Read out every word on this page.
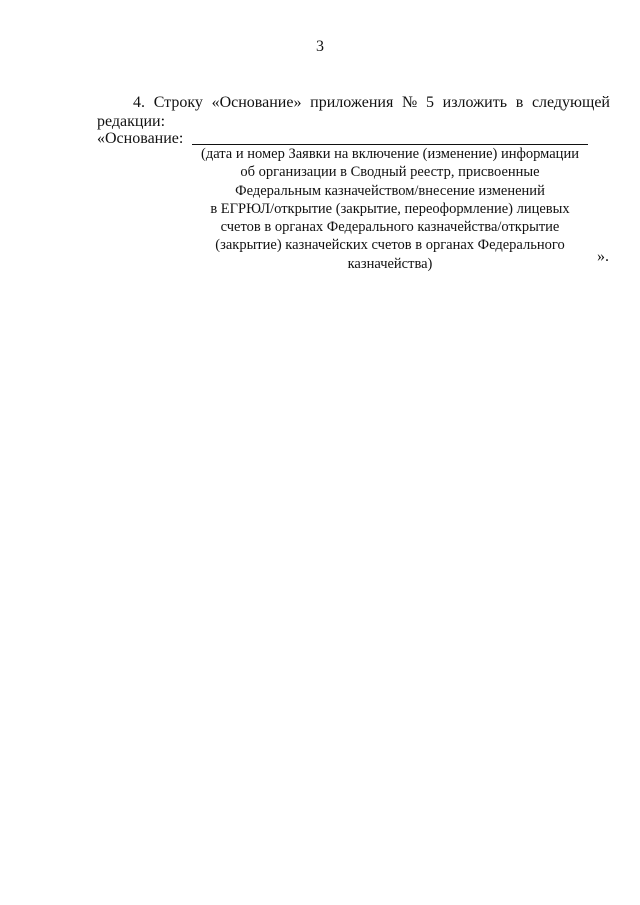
3
4. Строку «Основание» приложения № 5 изложить в следующей
редакции:
«Основание:
(дата и номер Заявки на включение (изменение) информации
об организации в Сводный реестр, присвоенные
Федеральным казначейством/внесение изменений
в ЕГРЮЛ/открытие (закрытие, переоформление) лицевых
счетов в органах Федерального казначейства/открытие
(закрытие) казначейских счетов в органах Федерального
казначейства)	».
